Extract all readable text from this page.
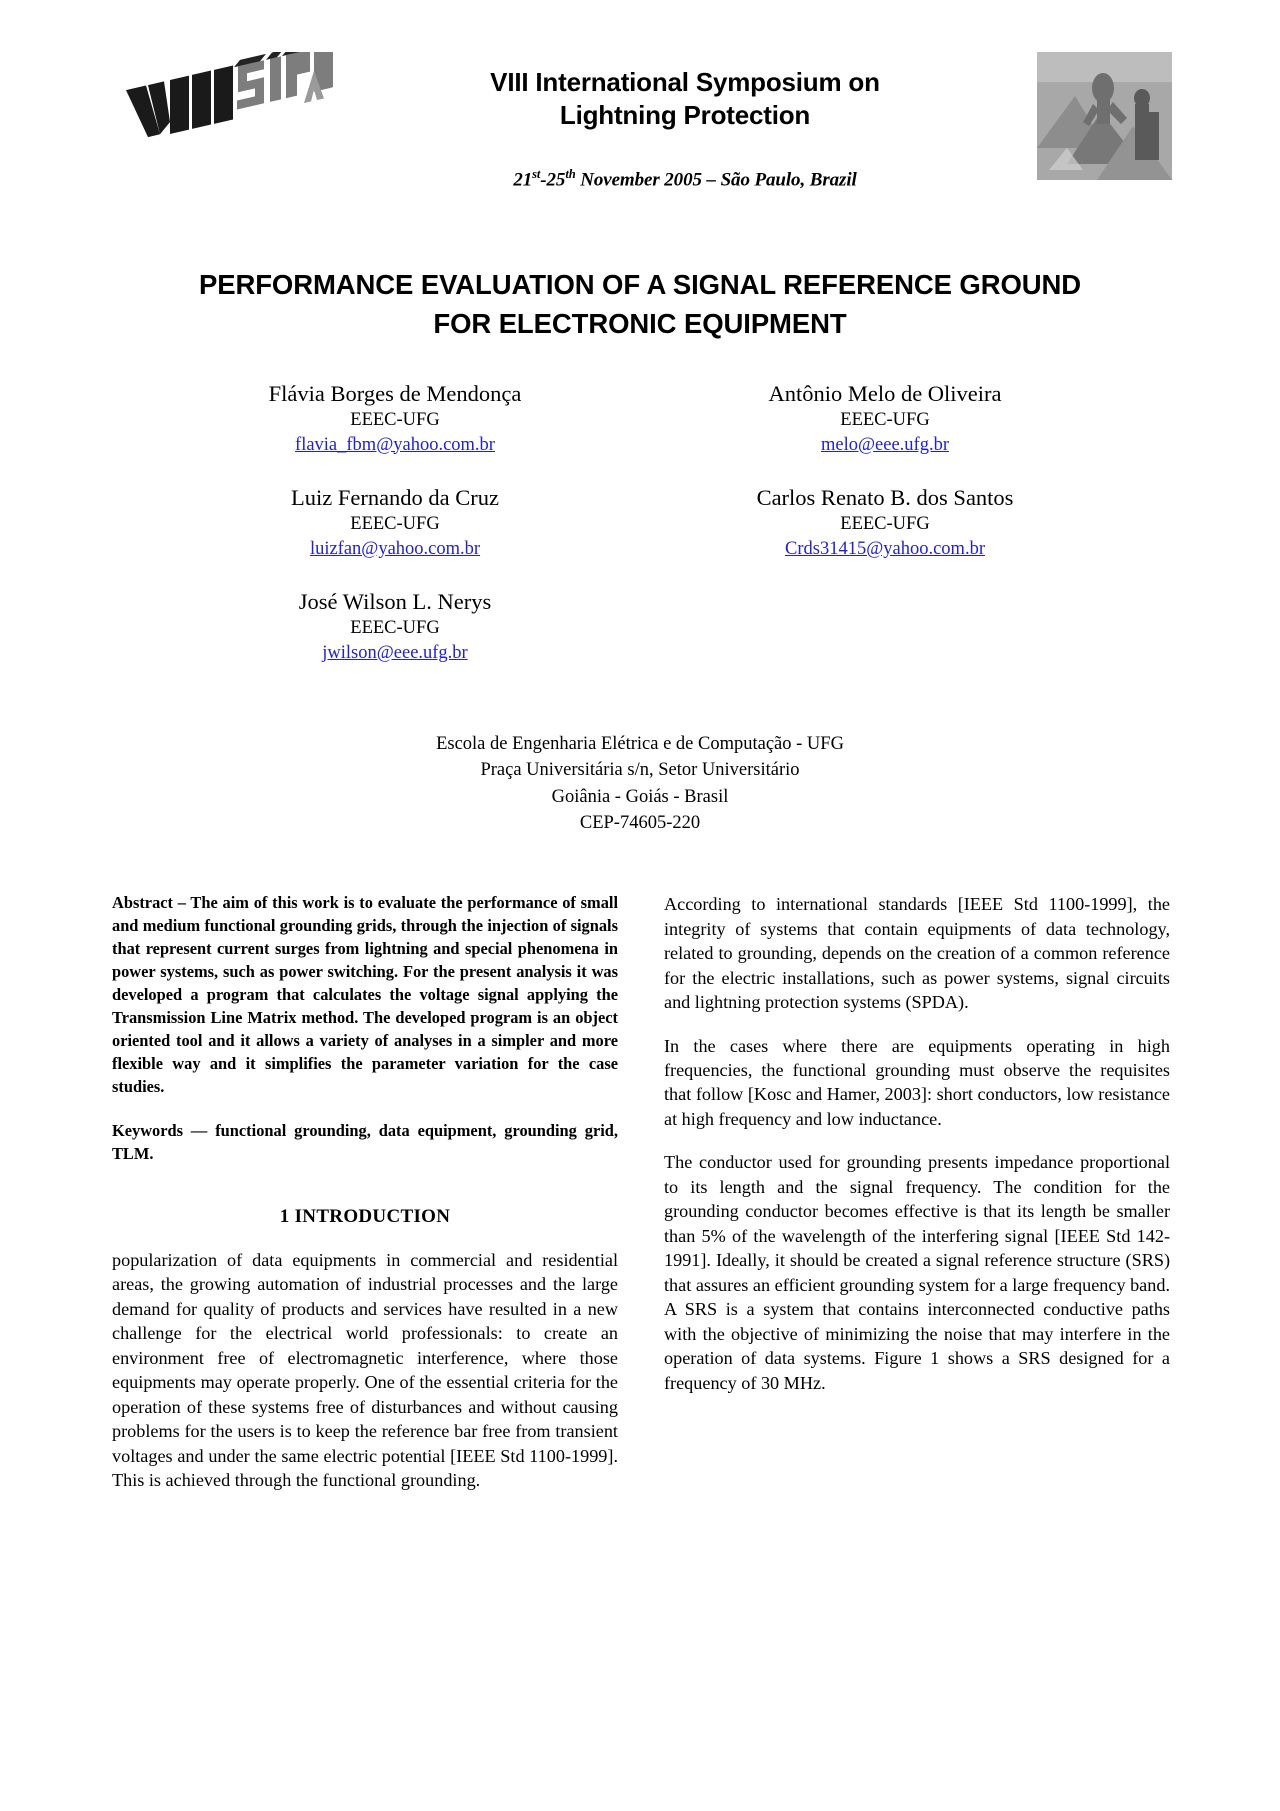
VIII International Symposium on
Lightning Protection
21st-25th November 2005 – São Paulo, Brazil
PERFORMANCE EVALUATION OF A SIGNAL REFERENCE GROUND
FOR ELECTRONIC EQUIPMENT
Flávia Borges de Mendonça
EEEC-UFG
flavia_fbm@yahoo.com.br
Luiz Fernando da Cruz
EEEC-UFG
luizfan@yahoo.com.br
José Wilson L. Nerys
EEEC-UFG
jwilson@eee.ufg.br
Antônio Melo de Oliveira
EEEC-UFG
melo@eee.ufg.br
Carlos Renato B. dos Santos
EEEC-UFG
Crds31415@yahoo.com.br
Escola de Engenharia Elétrica e de Computação - UFG
Praça Universitária s/n, Setor Universitário
Goiânia - Goiás - Brasil
CEP-74605-220
Abstract – The aim of this work is to evaluate the performance of small and medium functional grounding grids, through the injection of signals that represent current surges from lightning and special phenomena in power systems, such as power switching. For the present analysis it was developed a program that calculates the voltage signal applying the Transmission Line Matrix method. The developed program is an object oriented tool and it allows a variety of analyses in a simpler and more flexible way and it simplifies the parameter variation for the case studies.
Keywords — functional grounding, data equipment, grounding grid, TLM.
1 INTRODUCTION

popularization of data equipments in commercial and residential areas, the growing automation of industrial processes and the large demand for quality of products and services have resulted in a new challenge for the electrical world professionals: to create an environment free of electromagnetic interference, where those equipments may operate properly. One of the essential criteria for the operation of these systems free of disturbances and without causing problems for the users is to keep the reference bar free from transient voltages and under the same electric potential [IEEE Std 1100-1999]. This is achieved through the functional grounding.

According to international standards [IEEE Std 1100-1999], the integrity of systems that contain equipments of data technology, related to grounding, depends on the creation of a common reference for the electric installations, such as power systems, signal circuits and lightning protection systems (SPDA).

In the cases where there are equipments operating in high frequencies, the functional grounding must observe the requisites that follow [Kosc and Hamer, 2003]: short conductors, low resistance at high frequency and low inductance.

The conductor used for grounding presents impedance proportional to its length and the signal frequency. The condition for the grounding conductor becomes effective is that its length be smaller than 5% of the wavelength of the interfering signal [IEEE Std 142-1991]. Ideally, it should be created a signal reference structure (SRS) that assures an efficient grounding system for a large frequency band. A SRS is a system that contains interconnected conductive paths with the objective of minimizing the noise that may interfere in the operation of data systems. Figure 1 shows a SRS designed for a frequency of 30 MHz.
